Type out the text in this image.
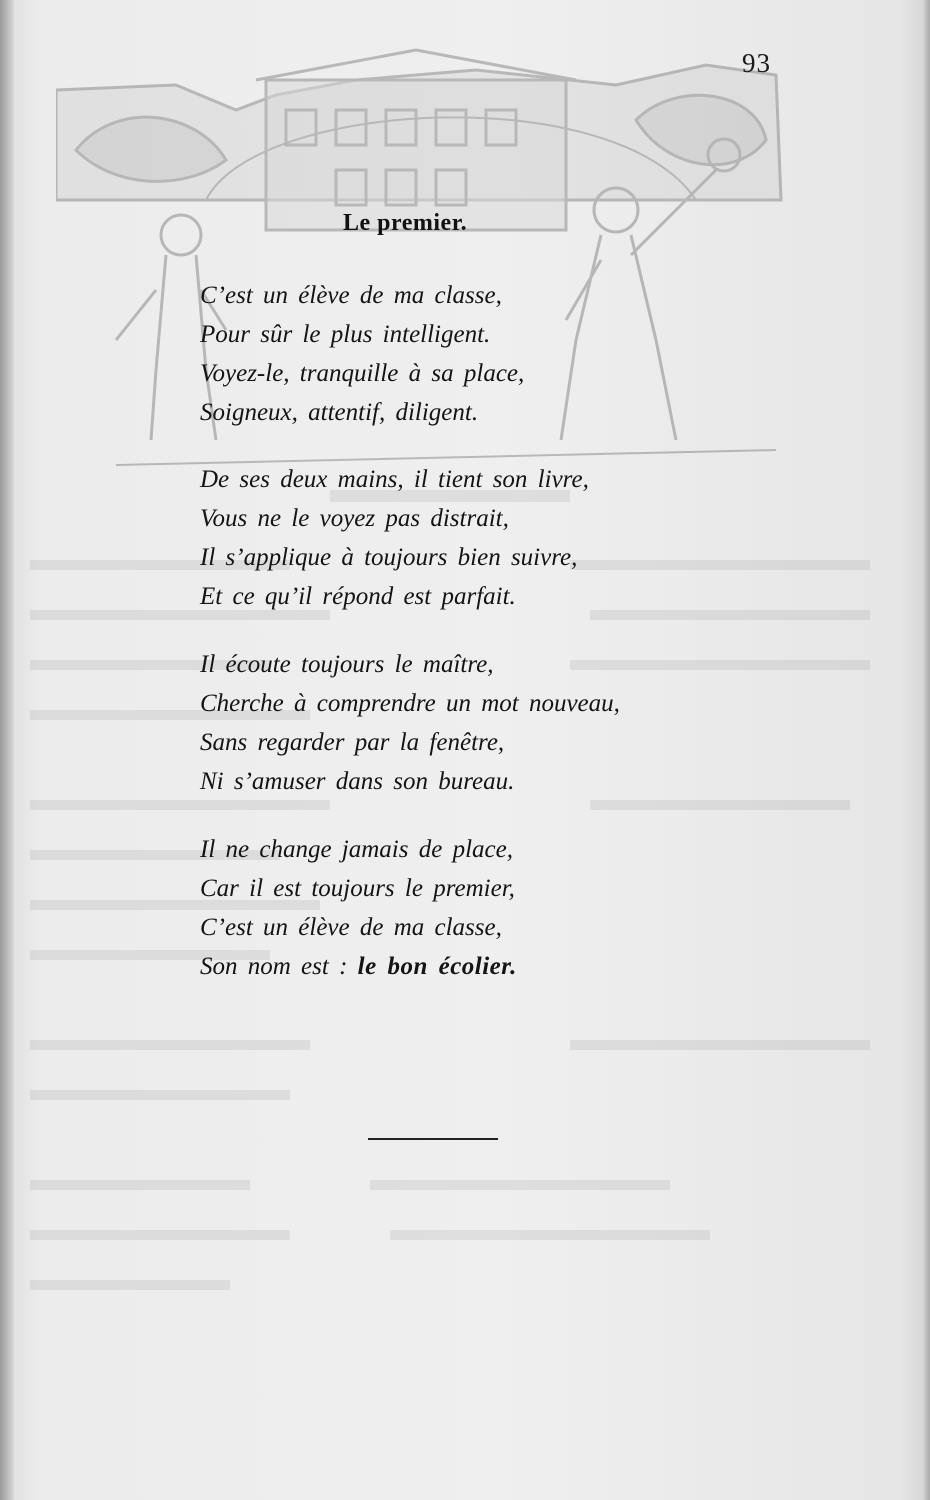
93
Le premier.
C’est un élève de ma classe,
Pour sûr le plus intelligent.
Voyez-le, tranquille à sa place,
Soigneux, attentif, diligent.
De ses deux mains, il tient son livre,
Vous ne le voyez pas distrait,
Il s’applique à toujours bien suivre,
Et ce qu’il répond est parfait.
Il écoute toujours le maître,
Cherche à comprendre un mot nouveau,
Sans regarder par la fenêtre,
Ni s’amuser dans son bureau.
Il ne change jamais de place,
Car il est toujours le premier,
C’est un élève de ma classe,
Son nom est : le bon écolier.
